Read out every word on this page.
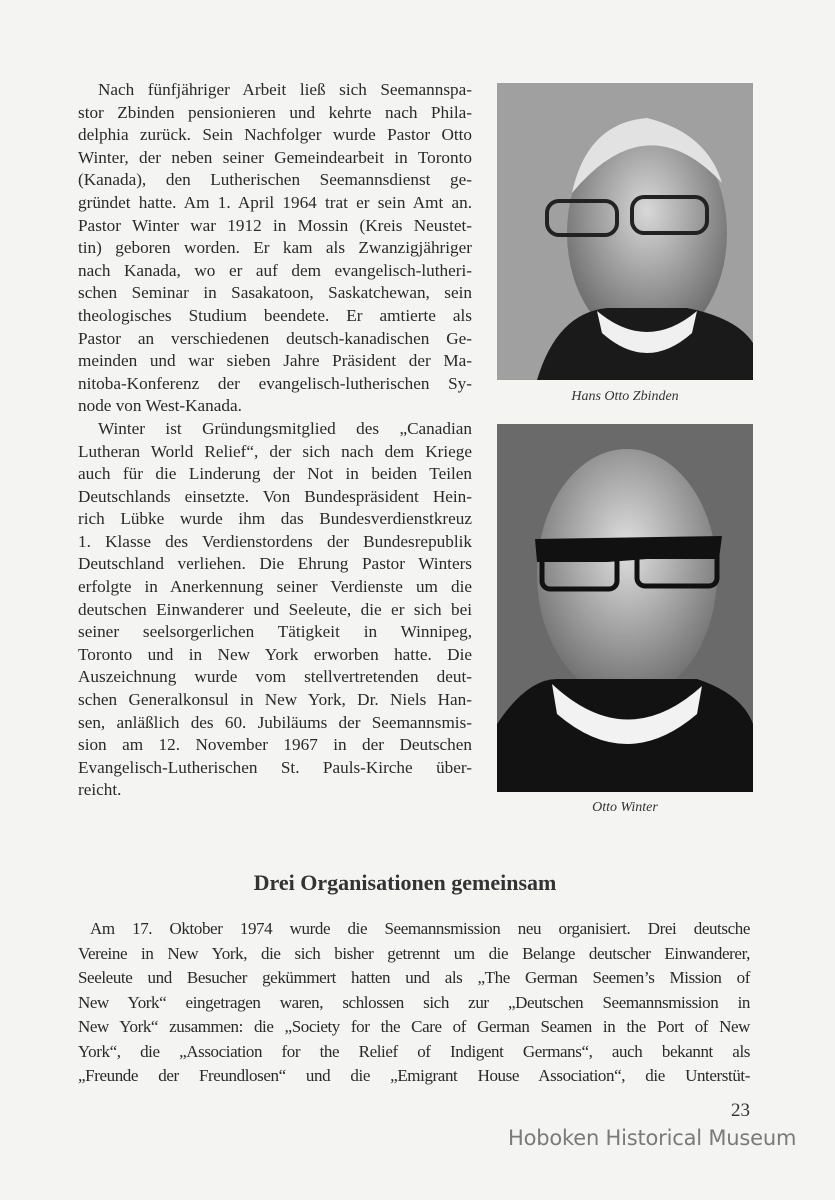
Nach fünfjähriger Arbeit ließ sich Seemannspa-
stor Zbinden pensionieren und kehrte nach Phila-
delphia zurück. Sein Nachfolger wurde Pastor Otto
Winter, der neben seiner Gemeindearbeit in Toronto
(Kanada), den Lutherischen Seemannsdienst ge-
gründet hatte. Am 1. April 1964 trat er sein Amt an.
Pastor Winter war 1912 in Mossin (Kreis Neustet-
tin) geboren worden. Er kam als Zwanzigjähriger
nach Kanada, wo er auf dem evangelisch-lutheri-
schen Seminar in Sasakatoon, Saskatchewan, sein
theologisches Studium beendete. Er amtierte als
Pastor an verschiedenen deutsch-kanadischen Ge-
meinden und war sieben Jahre Präsident der Ma-
nitoba-Konferenz der evangelisch-lutherischen Sy-
node von West-Kanada.
Winter ist Gründungsmitglied des „Canadian
Lutheran World Relief“, der sich nach dem Kriege
auch für die Linderung der Not in beiden Teilen
Deutschlands einsetzte. Von Bundespräsident Hein-
rich Lübke wurde ihm das Bundesverdienstkreuz
1. Klasse des Verdienstordens der Bundesrepublik
Deutschland verliehen. Die Ehrung Pastor Winters
erfolgte in Anerkennung seiner Verdienste um die
deutschen Einwanderer und Seeleute, die er sich bei
seiner seelsorgerlichen Tätigkeit in Winnipeg,
Toronto und in New York erworben hatte. Die
Auszeichnung wurde vom stellvertretenden deut-
schen Generalkonsul in New York, Dr. Niels Han-
sen, anläßlich des 60. Jubiläums der Seemannsmis-
sion am 12. November 1967 in der Deutschen
Evangelisch-Lutherischen St. Pauls-Kirche über-
reicht.
Hans Otto Zbinden
Otto Winter
Drei Organisationen gemeinsam
Am 17. Oktober 1974 wurde die Seemannsmission neu organisiert. Drei deutsche
Vereine in New York, die sich bisher getrennt um die Belange deutscher Einwanderer,
Seeleute und Besucher gekümmert hatten und als „The German Seemen’s Mission of
New York“ eingetragen waren, schlossen sich zur „Deutschen Seemannsmission in
New York“ zusammen: die „Society for the Care of German Seamen in the Port of New
York“, die „Association for the Relief of Indigent Germans“, auch bekannt als
„Freunde der Freundlosen“ und die „Emigrant House Association“, die Unterstüt-
23
Hoboken Historical Museum
